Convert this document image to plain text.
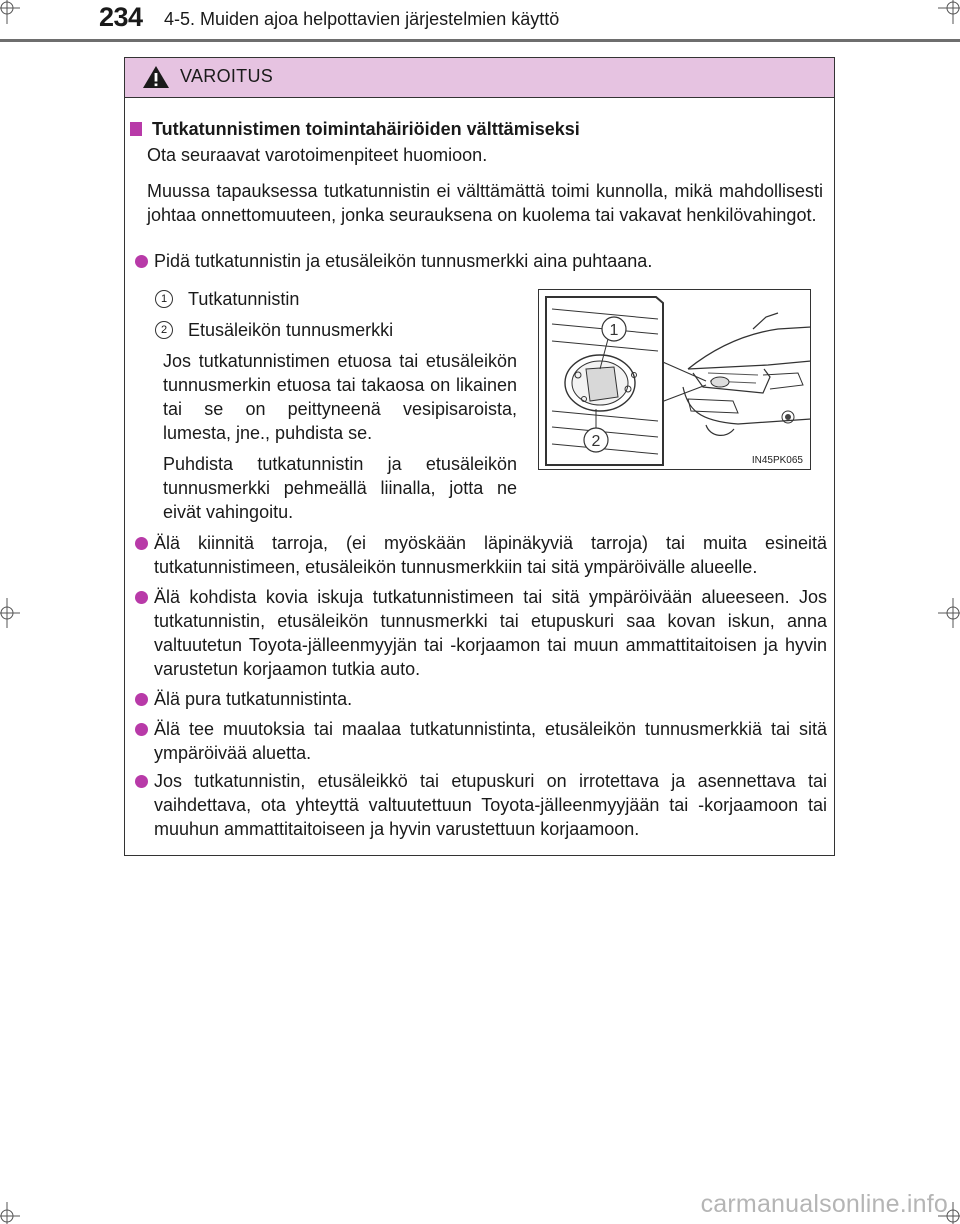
234 4-5. Muiden ajoa helpottavien järjestelmien käyttö
VAROITUS
Tutkatunnistimen toimintahäiriöiden välttämiseksi
Ota seuraavat varotoimenpiteet huomioon.
Muussa tapauksessa tutkatunnistin ei välttämättä toimi kunnolla, mikä mahdollisesti johtaa onnettomuuteen, jonka seurauksena on kuolema tai vakavat henkilövahingot.
Pidä tutkatunnistin ja etusäleikön tunnusmerkki aina puhtaana.
1	Tutkatunnistin
2	Etusäleikön tunnusmerkki
Jos tutkatunnistimen etuosa tai etusäleikön tunnusmerkin etuosa tai takaosa on likainen tai se on peittyneenä vesipisaroista, lumesta, jne., puhdista se.
Puhdista tutkatunnistin ja etusäleikön tunnusmerkki pehmeällä liinalla, jotta ne eivät vahingoitu.
Älä kiinnitä tarroja, (ei myöskään läpinäkyviä tarroja) tai muita esineitä tutkatunnistimeen, etusäleikön tunnusmerkkiin tai sitä ympäröivälle alueelle.
Älä kohdista kovia iskuja tutkatunnistimeen tai sitä ympäröivään alueeseen. Jos tutkatunnistin, etusäleikön tunnusmerkki tai etupuskuri saa kovan iskun, anna valtuutetun Toyota-jälleenmyyjän tai -korjaamon tai muun ammattitaitoisen ja hyvin varustetun korjaamon tutkia auto.
Älä pura tutkatunnistinta.
Älä tee muutoksia tai maalaa tutkatunnistinta, etusäleikön tunnusmerkkiä tai sitä ympäröivää aluetta.
Jos tutkatunnistin, etusäleikkö tai etupuskuri on irrotettava ja asennettava tai vaihdettava, ota yhteyttä valtuutettuun Toyota-jälleenmyyjään tai -korjaamoon tai muuhun ammattitaitoiseen ja hyvin varustettuun korjaamoon.
1
2
IN45PK065
carmanualsonline.info
